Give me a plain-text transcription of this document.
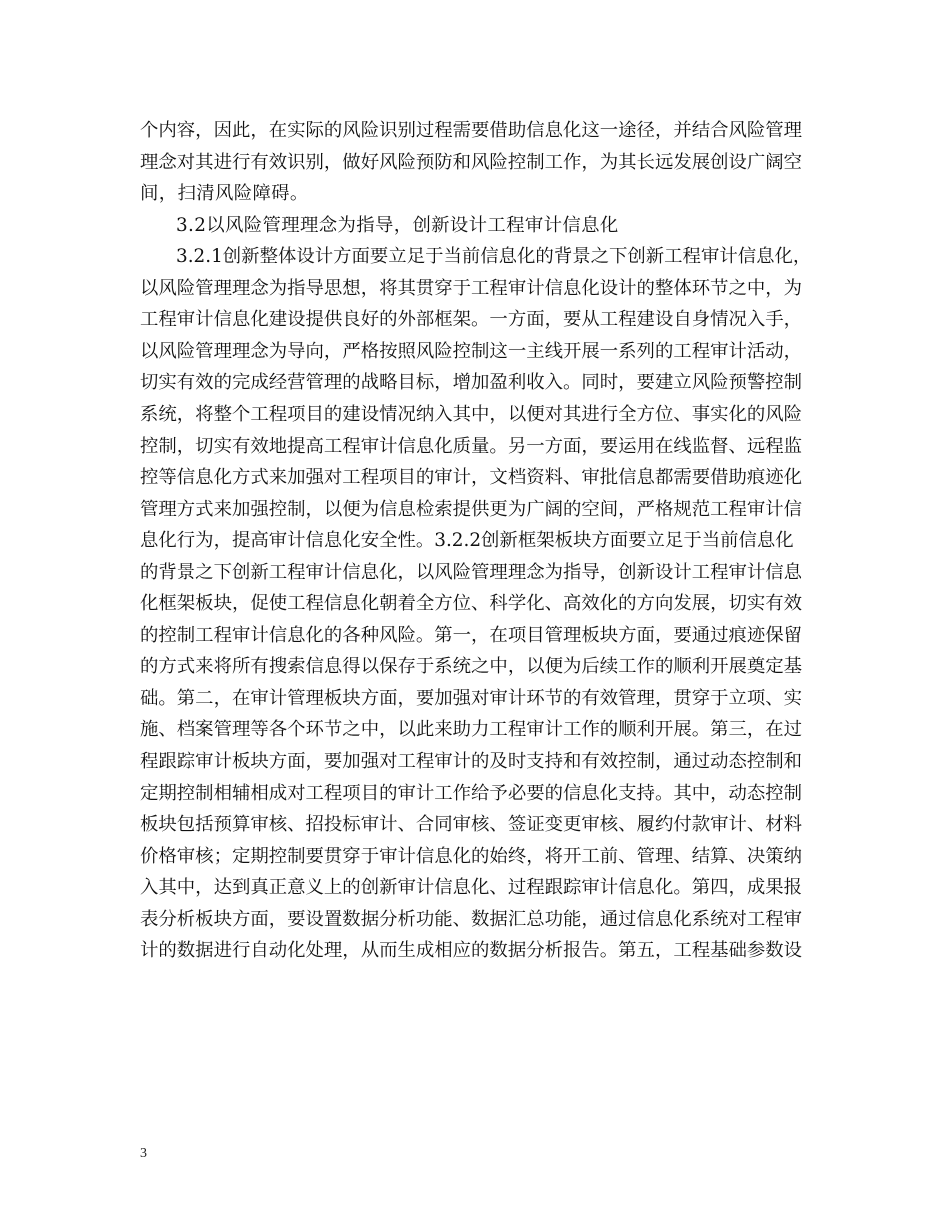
个内容，因此，在实际的风险识别过程需要借助信息化这一途径，并结合风险管理
理念对其进行有效识别，做好风险预防和风险控制工作，为其长远发展创设广阔空
间，扫清风险障碍。
3.2以风险管理理念为指导，创新设计工程审计信息化
3.2.1创新整体设计方面要立足于当前信息化的背景之下创新工程审计信息化，
以风险管理理念为指导思想，将其贯穿于工程审计信息化设计的整体环节之中，为
工程审计信息化建设提供良好的外部框架。一方面，要从工程建设自身情况入手，
以风险管理理念为导向，严格按照风险控制这一主线开展一系列的工程审计活动，
切实有效的完成经营管理的战略目标，增加盈利收入。同时，要建立风险预警控制
系统，将整个工程项目的建设情况纳入其中，以便对其进行全方位、事实化的风险
控制，切实有效地提高工程审计信息化质量。另一方面，要运用在线监督、远程监
控等信息化方式来加强对工程项目的审计，文档资料、审批信息都需要借助痕迹化
管理方式来加强控制，以便为信息检索提供更为广阔的空间，严格规范工程审计信
息化行为，提高审计信息化安全性。3.2.2创新框架板块方面要立足于当前信息化
的背景之下创新工程审计信息化，以风险管理理念为指导，创新设计工程审计信息
化框架板块，促使工程信息化朝着全方位、科学化、高效化的方向发展，切实有效
的控制工程审计信息化的各种风险。第一，在项目管理板块方面，要通过痕迹保留
的方式来将所有搜索信息得以保存于系统之中，以便为后续工作的顺利开展奠定基
础。第二，在审计管理板块方面，要加强对审计环节的有效管理，贯穿于立项、实
施、档案管理等各个环节之中，以此来助力工程审计工作的顺利开展。第三，在过
程跟踪审计板块方面，要加强对工程审计的及时支持和有效控制，通过动态控制和
定期控制相辅相成对工程项目的审计工作给予必要的信息化支持。其中，动态控制
板块包括预算审核、招投标审计、合同审核、签证变更审核、履约付款审计、材料
价格审核；定期控制要贯穿于审计信息化的始终，将开工前、管理、结算、决策纳
入其中，达到真正意义上的创新审计信息化、过程跟踪审计信息化。第四，成果报
表分析板块方面，要设置数据分析功能、数据汇总功能，通过信息化系统对工程审
计的数据进行自动化处理，从而生成相应的数据分析报告。第五，工程基础参数设
3
